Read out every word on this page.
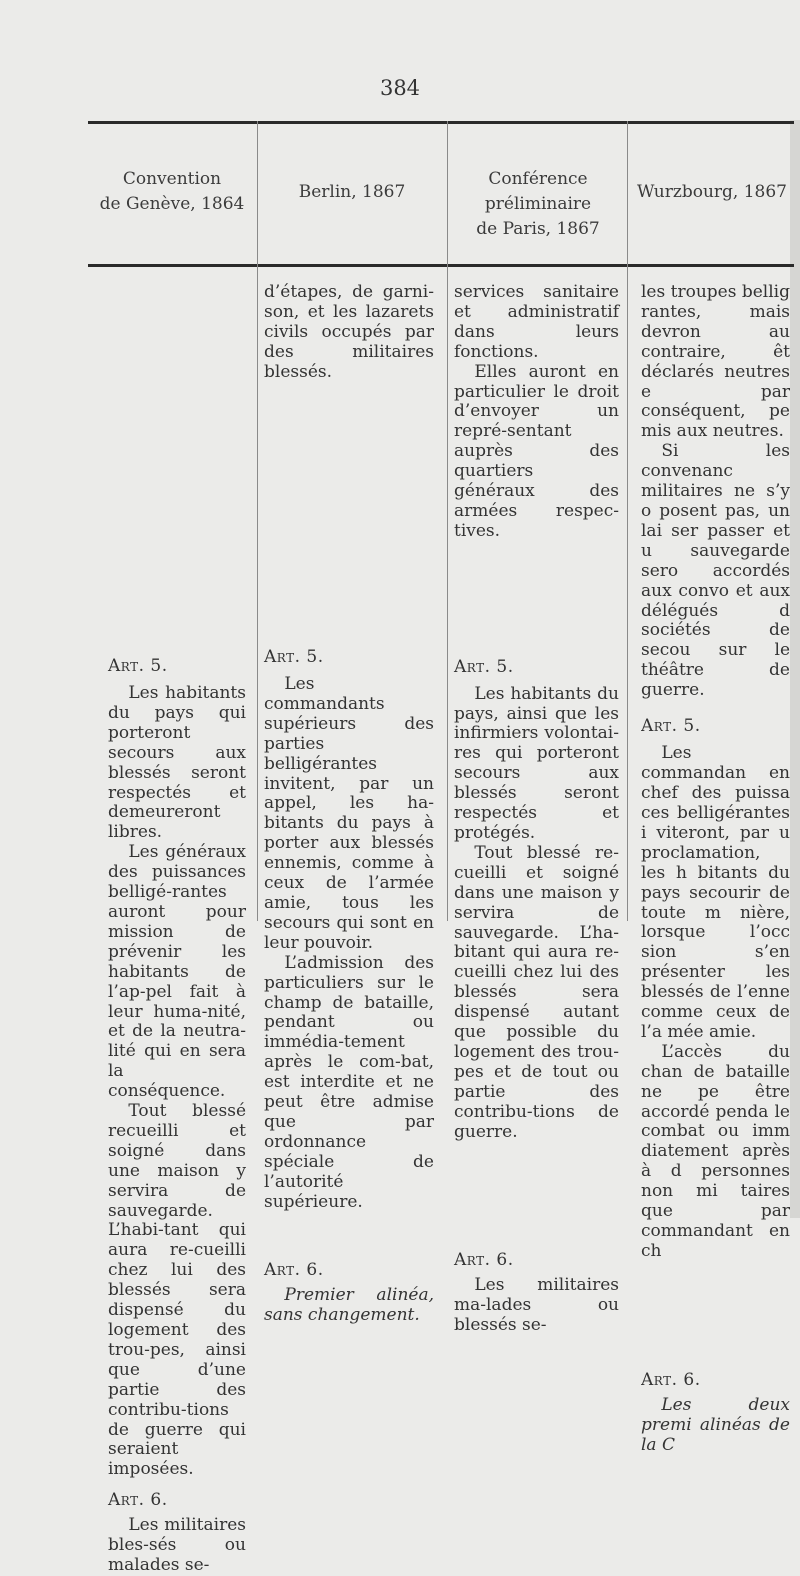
384
Convention
de Genève, 1864
Berlin, 1867
Conférence préliminaire
de Paris, 1867
Wurzbourg, 1867

Art. 5.

Les habitants du pays qui porteront secours aux blessés seront respectés et demeureront libres.

Les généraux des puissances belligé-rantes auront pour mission de prévenir les habitants de l’ap-pel fait à leur huma-nité, et de la neutra-lité qui en sera la conséquence.

Tout blessé recueilli et soigné dans une maison y servira de sauvegarde. L’habi-tant qui aura re-cueilli chez lui des blessés sera dispensé du logement des trou-pes, ainsi que d’une partie des contribu-tions de guerre qui seraient imposées.

Art. 6.

Les militaires bles-sés ou malades se-

d’étapes, de garni-son, et les lazarets civils occupés par des militaires blessés.

Art. 5.

Les commandants supérieurs des parties belligérantes invitent, par un appel, les ha-bitants du pays à porter aux blessés ennemis, comme à ceux de l’armée amie, tous les secours qui sont en leur pouvoir.

L’admission des particuliers sur le champ de bataille, pendant ou immédia-tement après le com-bat, est interdite et ne peut être admise que par ordonnance spéciale de l’autorité supérieure.

Art. 6.

Premier alinéa, sans changement.

services sanitaire et administratif dans leurs fonctions.

Elles auront en particulier le droit d’envoyer un repré-sentant auprès des quartiers généraux des armées respec-tives.

Art. 5.

Les habitants du pays, ainsi que les infirmiers volontai-res qui porteront secours aux blessés seront respectés et protégés.

Tout blessé re-cueilli et soigné dans une maison y servira de sauvegarde. L’ha-bitant qui aura re-cueilli chez lui des blessés sera dispensé autant que possible du logement des trou-pes et de tout ou partie des contribu-tions de guerre.

Art. 6.

Les militaires ma-lades ou blessés se-

les troupes bellig rantes, mais devron au contraire, êt déclarés neutres e par conséquent, pe mis aux neutres.

Si les convenanc militaires ne s’y o posent pas, un lai ser passer et u sauvegarde sero accordés aux convo et aux délégués d sociétés de secou sur le théâtre de guerre.

Art. 5.

Les commandan en chef des puissa ces belligérantes i viteront, par u proclamation, les h bitants du pays secourir de toute m nière, lorsque l’occ sion s’en présenter les blessés de l’enne comme ceux de l’a mée amie.

L’accès du chan de bataille ne pe être accordé penda le combat ou imm diatement après à d personnes non mi taires que par commandant en ch

Art. 6.

Les deux premi alinéas de la C
